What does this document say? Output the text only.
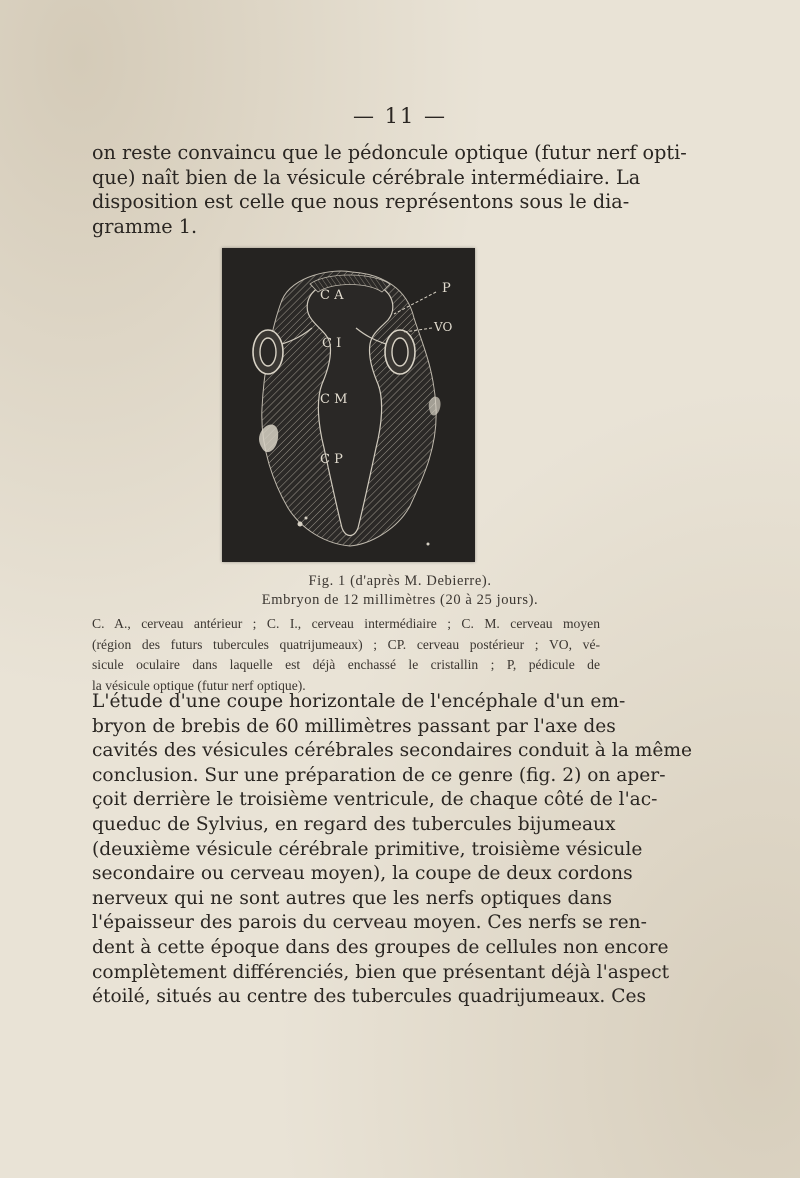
— 11 —
on reste convaincu que le pédoncule optique (futur nerf opti-
que) naît bien de la vésicule cérébrale intermédiaire. La
disposition est celle que nous représentons sous le dia-
gramme 1.
C A
C I
C M
C P
P
VO
Fig. 1 (d'après M. Debierre).
Embryon de 12 millimètres (20 à 25 jours).
C. A., cerveau antérieur ; C. I., cerveau intermédiaire ; C. M. cerveau moyen
(région des futurs tubercules quatrijumeaux) ; CP. cerveau postérieur ; VO, vé-
sicule oculaire dans laquelle est déjà enchassé le cristallin ; P, pédicule de
la vésicule optique (futur nerf optique).
L'étude d'une coupe horizontale de l'encéphale d'un em-
bryon de brebis de 60 millimètres passant par l'axe des
cavités des vésicules cérébrales secondaires conduit à la même
conclusion. Sur une préparation de ce genre (fig. 2) on aper-
çoit derrière le troisième ventricule, de chaque côté de l'ac-
queduc de Sylvius, en regard des tubercules bijumeaux
(deuxième vésicule cérébrale primitive, troisième vésicule
secondaire ou cerveau moyen), la coupe de deux cordons
nerveux qui ne sont autres que les nerfs optiques dans
l'épaisseur des parois du cerveau moyen. Ces nerfs se ren-
dent à cette époque dans des groupes de cellules non encore
complètement différenciés, bien que présentant déjà l'aspect
étoilé, situés au centre des tubercules quadrijumeaux. Ces
